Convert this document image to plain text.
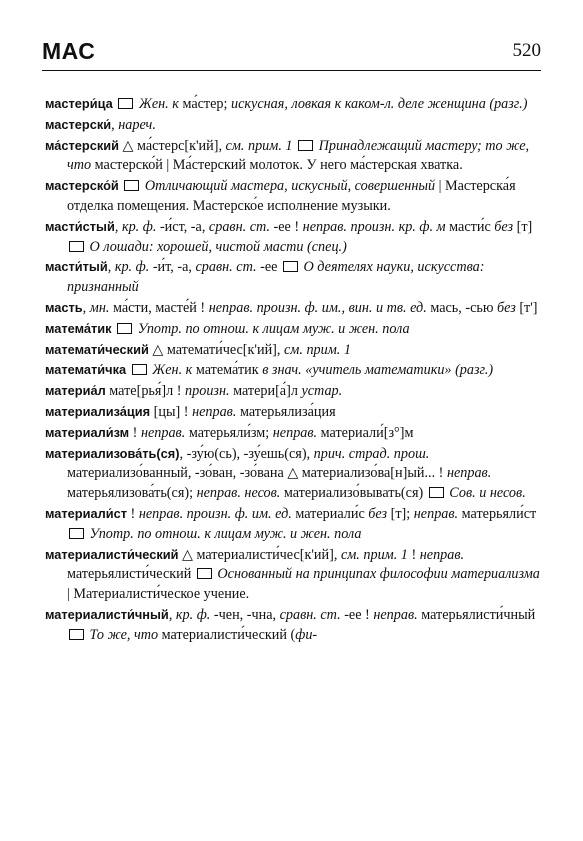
МАС	520

мастери́ца Жен. к ма́стер; искусная, ловкая к каком-л. деле женщина (разг.)

мастерски́, нареч.

ма́стерский △ ма́стерс[к'ий], см. прим. 1 Принадлежащий мастеру; то же, что мастерско́й | Ма́стерский молоток. У него ма́стерская хватка.

мастерско́й Отличающий мастера, искусный, совершенный | Мастерска́я отделка помещения. Мастерско́е исполнение музыки.

масти́стый, кр. ф. -и́ст, -а, сравн. ст. -ее ! неправ. произн. кр. ф. м масти́с без [т]  О лошади: хорошей, чистой масти (спец.)

масти́тый, кр. ф. -и́т, -а, сравн. ст. -ее О деятелях науки, искусства: признанный

масть, мн. ма́сти, масте́й ! неправ. произн. ф. им., вин. и тв. ед. мась, -сью без [т']

матема́тик Употр. по отнош. к лицам муж. и жен. пола

математи́ческий △ математи́чес[к'ий], см. прим. 1

математи́чка Жен. к матема́тик в знач. «учитель математики» (разг.)

материа́л мате[рья́]л ! произн. матери[а́]л устар.

материализа́ция [цы] ! неправ. матерьялиза́ция

материали́зм ! неправ. матерьяли́зм; неправ. материали́[з°]м

материализова́ть(ся), -зу́ю(сь), -зу́ешь(ся), прич. страд. прош. материализо́ванный, -зо́ван, -зо́вана △ материализо́ва[н]ый... ! неправ. матерьялизова́ть(ся); неправ. несов. материализо́вывать(ся) Сов. и несов.

материали́ст ! неправ. произн. ф. им. ед. материали́с без [т]; неправ. матерьяли́ст  Употр. по отнош. к лицам муж. и жен. пола

материалисти́ческий △ материалисти́чес[к'ий], см. прим. 1 ! неправ. матерьялисти́ческий Основанный на принципах философии материализма | Материалисти́ческое учение.

материалисти́чный, кр. ф. -чен, -чна, сравн. ст. -ее ! неправ. матерьялисти́чный  То же, что материалисти́ческий (фи-
